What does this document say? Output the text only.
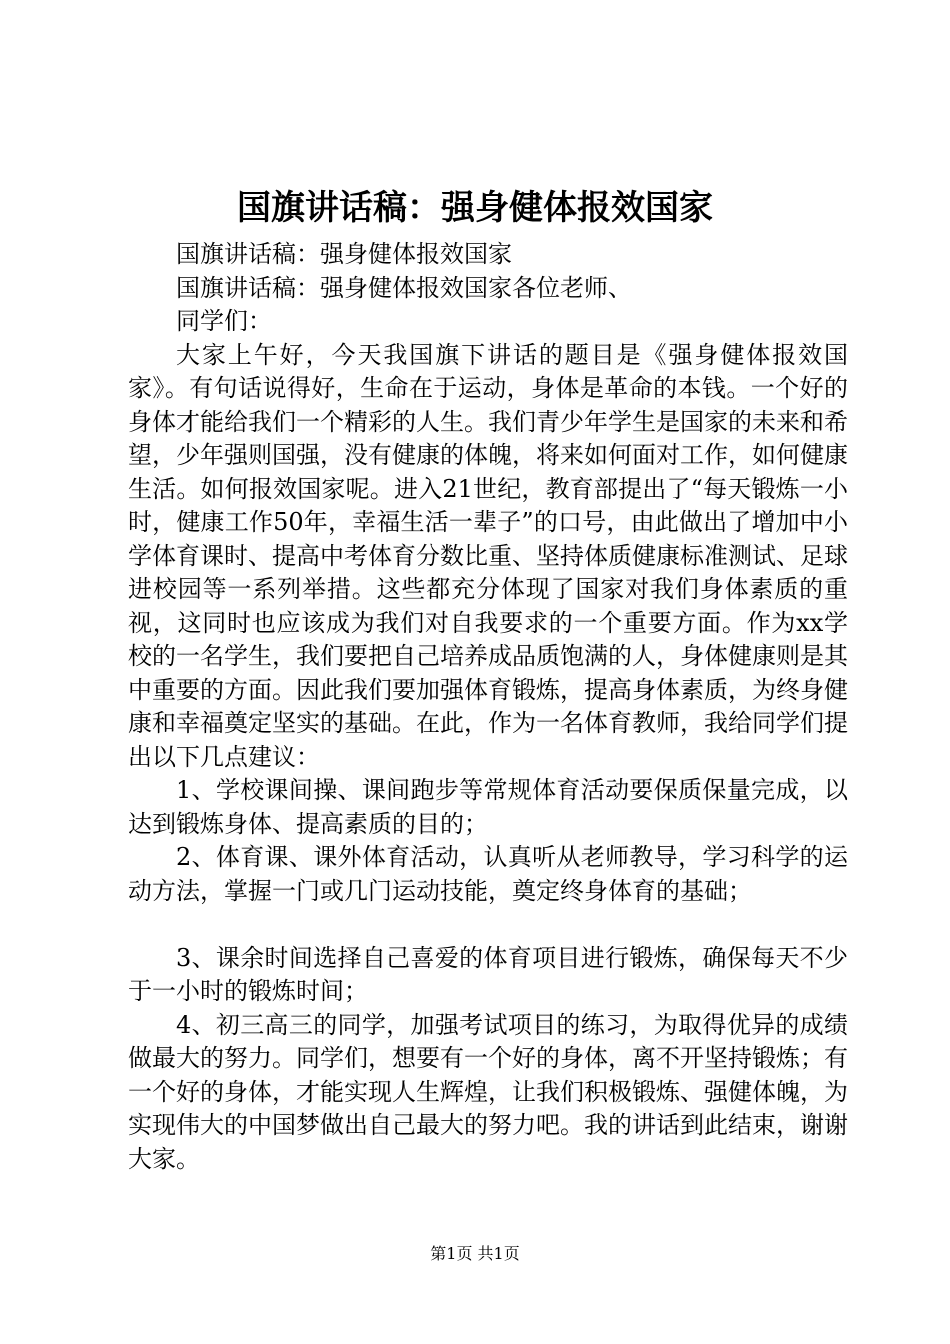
国旗讲话稿：强身健体报效国家

国旗讲话稿：强身健体报效国家

国旗讲话稿：强身健体报效国家各位老师、

同学们：

大家上午好，今天我国旗下讲话的题目是《强身健体报效国家》。有句话说得好，生命在于运动，身体是革命的本钱。一个好的身体才能给我们一个精彩的人生。我们青少年学生是国家的未来和希望，少年强则国强，没有健康的体魄，将来如何面对工作，如何健康生活。如何报效国家呢。进入21世纪，教育部提出了“每天锻炼一小时，健康工作50年，幸福生活一辈子”的口号，由此做出了增加中小学体育课时、提高中考体育分数比重、坚持体质健康标准测试、足球进校园等一系列举措。这些都充分体现了国家对我们身体素质的重视，这同时也应该成为我们对自我要求的一个重要方面。作为xx学校的一名学生，我们要把自己培养成品质饱满的人，身体健康则是其中重要的方面。因此我们要加强体育锻炼，提高身体素质，为终身健康和幸福奠定坚实的基础。在此，作为一名体育教师，我给同学们提出以下几点建议：

1、学校课间操、课间跑步等常规体育活动要保质保量完成，以达到锻炼身体、提高素质的目的；

2、体育课、课外体育活动，认真听从老师教导，学习科学的运动方法，掌握一门或几门运动技能，奠定终身体育的基础；

3、课余时间选择自己喜爱的体育项目进行锻炼，确保每天不少于一小时的锻炼时间；

4、初三高三的同学，加强考试项目的练习，为取得优异的成绩做最大的努力。同学们，想要有一个好的身体，离不开坚持锻炼；有一个好的身体，才能实现人生辉煌，让我们积极锻炼、强健体魄，为实现伟大的中国梦做出自己最大的努力吧。我的讲话到此结束，谢谢大家。

第1页 共1页
